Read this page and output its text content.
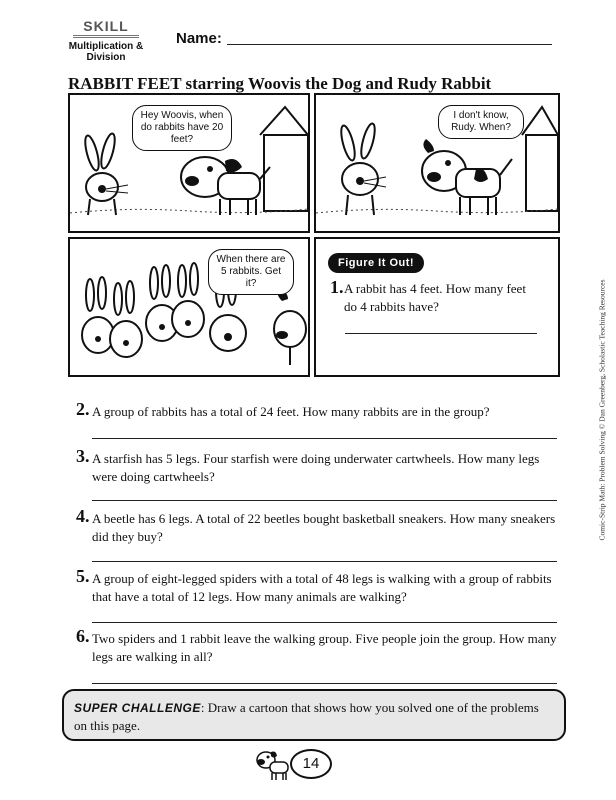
SKILL
Multiplication & Division
Name:
RABBIT FEET starring Woovis the Dog and Rudy Rabbit
Hey Woovis, when do rabbits have 20 feet?
I don't know, Rudy. When?
When there are 5 rabbits. Get it?
Figure It Out!
1. A rabbit has 4 feet. How many feet do 4 rabbits have?
2. A group of rabbits has a total of 24 feet. How many rabbits are in the group?
3. A starfish has 5 legs. Four starfish were doing underwater cartwheels. How many legs were doing cartwheels?
4. A beetle has 6 legs. A total of 22 beetles bought basketball sneakers. How many sneakers did they buy?
5. A group of eight-legged spiders with a total of 48 legs is walking with a group of rabbits that have a total of 12 legs. How many animals are walking?
6. Two spiders and 1 rabbit leave the walking group. Five people join the group. How many legs are walking in all?
SUPER CHALLENGE: Draw a cartoon that shows how you solved one of the problems on this page.
14
Comic-Strip Math: Problem Solving © Dan Greenberg, Scholastic Teaching Resources
